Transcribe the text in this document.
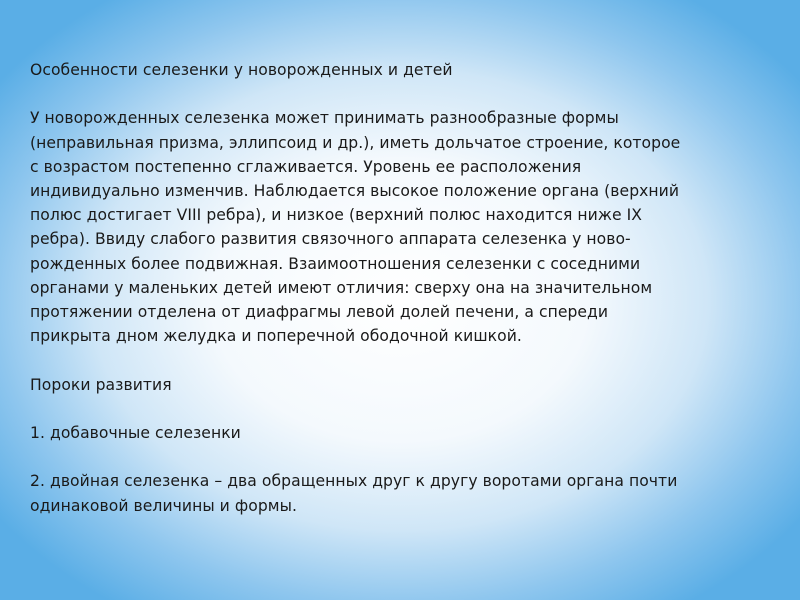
Особенности селезенки у новорожденных и детей

У новорожденных селезенка может принимать разнообразные формы

(неправильная призма, эллипсоид и др.), иметь дольчатое строение, которое

с возрастом постепенно сглаживается. Уровень ее расположения

индивидуально изменчив. Наблюдается высокое положение органа (верхний

полюс достигает VIII ребра), и низкое (верхний полюс находится ниже IX

ребра). Ввиду слабого развития связочного аппарата селезенка у ново-

рожденных более подвижная. Взаимоотношения селезенки с соседними

органами у маленьких детей имеют отличия: сверху она на значительном

протяжении отделена от диафрагмы левой долей печени, а спереди

прикрыта дном желудка и поперечной ободочной кишкой.

Пороки развития

1. добавочные селезенки

2. двойная селезенка – два обращенных друг к другу воротами органа почти

одинаковой величины и формы.
